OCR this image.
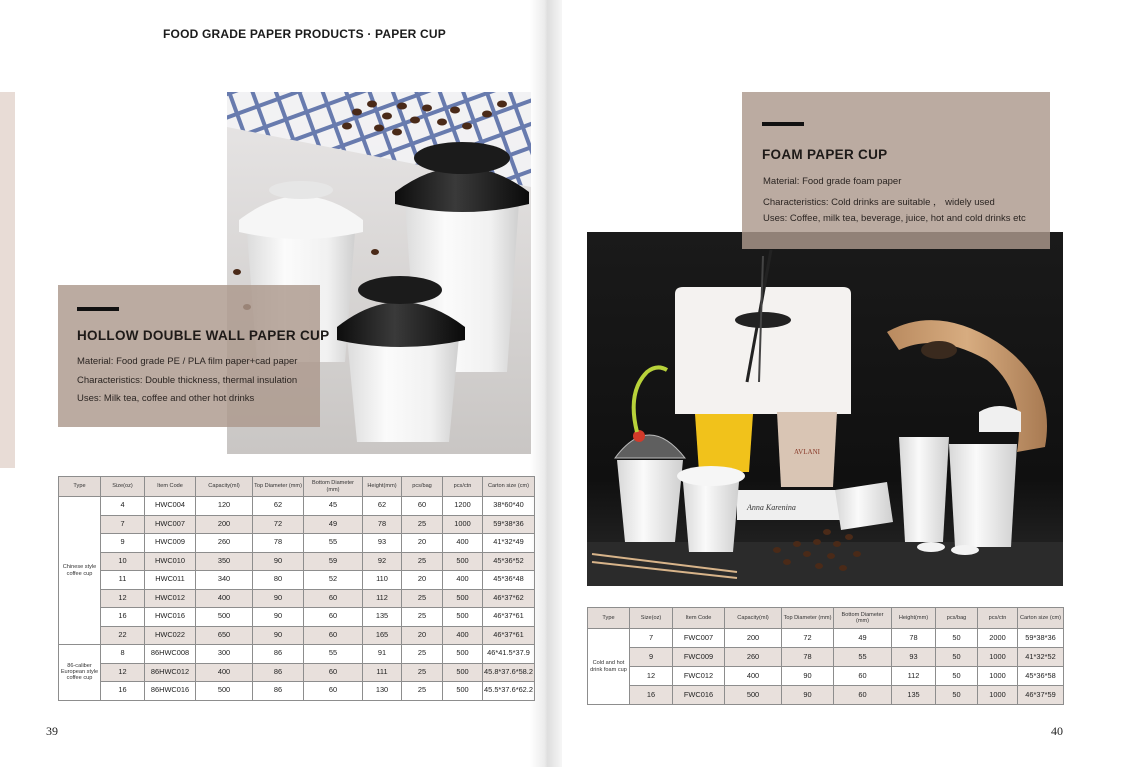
FOOD GRADE PAPER PRODUCTS · PAPER CUP
HOLLOW DOUBLE WALL PAPER CUP
Material: Food grade PE / PLA film paper+cad paper
Characteristics: Double thickness, thermal insulation
Uses: Milk tea, coffee and other hot drinks
Type	Size(oz)	Item Code	Capacity(ml)	Top Diameter (mm)	Bottom Diameter (mm)	Height(mm)	pcs/bag	pcs/ctn	Carton size (cm)
Chinese style coffee cup	4	HWC004	120	62	45	62	60	1200	38*60*40
	7	HWC007	200	72	49	78	25	1000	59*38*36
	9	HWC009	260	78	55	93	20	400	41*32*49
	10	HWC010	350	90	59	92	25	500	45*36*52
	11	HWC011	340	80	52	110	20	400	45*36*48
	12	HWC012	400	90	60	112	25	500	46*37*62
	16	HWC016	500	90	60	135	25	500	46*37*61
	22	HWC022	650	90	60	165	20	400	46*37*61
86-caliber European style coffee cup	8	86HWC008	300	86	55	91	25	500	46*41.5*37.9
	12	86HWC012	400	86	60	111	25	500	45.8*37.6*58.2
	16	86HWC016	500	86	60	130	25	500	45.5*37.6*62.2
39
Anna Karenina
AVLANI
FOAM PAPER CUP
Material: Food grade foam paper
Characteristics: Cold drinks are suitable ， widely used
Uses: Coffee, milk tea, beverage, juice, hot and cold drinks etc
Type	Size(oz)	Item Code	Capacity(ml)	Top Diameter (mm)	Bottom Diameter (mm)	Height(mm)	pcs/bag	pcs/ctn	Carton size (cm)
Cold and hot drink foam cup	7	FWC007	200	72	49	78	50	2000	59*38*36
	9	FWC009	260	78	55	93	50	1000	41*32*52
	12	FWC012	400	90	60	112	50	1000	45*36*58
	16	FWC016	500	90	60	135	50	1000	46*37*59
40
